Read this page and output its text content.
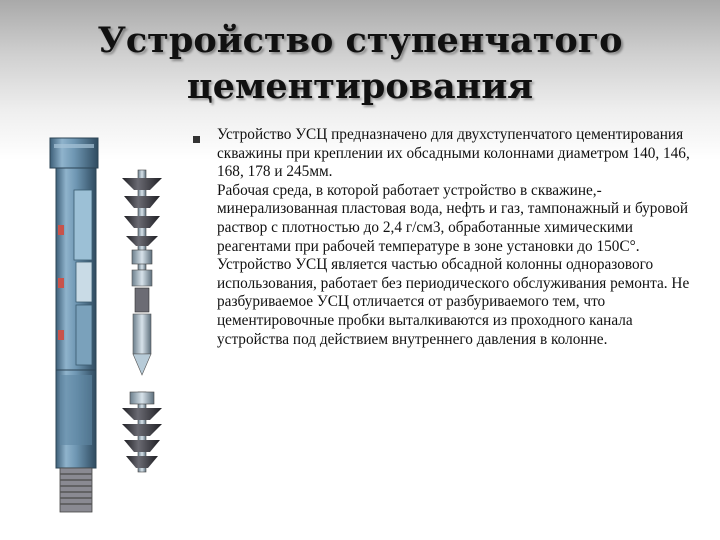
Устройство ступенчатого
цементирования

Устройство УСЦ предназначено для двухступенчатого цементирования скважины при креплении их обсадными колоннами диаметром 140, 146, 168, 178 и 245мм.

Рабочая среда, в которой работает устройство в скважине,- минерализованная пластовая вода, нефть и газ, тампонажный и буровой раствор с плотностью до 2,4 г/см3, обработанные химическими реагентами при рабочей температуре в зоне установки до 150С°.

Устройство УСЦ является частью обсадной колонны одноразового использования, работает без периодического обслуживания ремонта. Не разбуриваемое УСЦ отличается от разбуриваемого тем, что цементировочные пробки выталкиваются из проходного канала устройства под действием внутреннего давления в колонне.
